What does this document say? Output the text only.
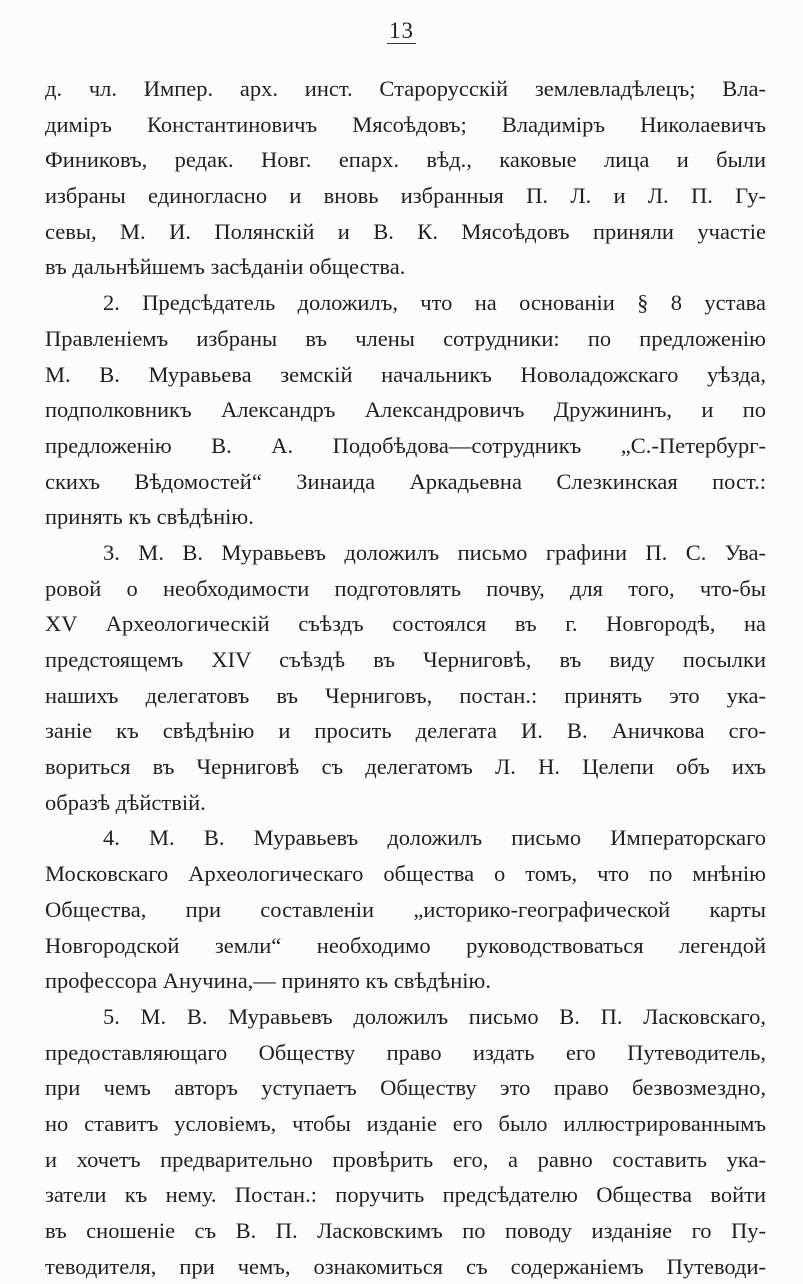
13
д. чл. Импер. арх. инст. Старорусскій землевладѣлецъ; Вла-
диміръ Константиновичъ Мясоѣдовъ; Владиміръ Николаевичъ
Финиковъ, редак. Новг. епарх. вѣд., каковые лица и были
избраны единогласно и вновь избранныя П. Л. и Л. П. Гу-
севы, М. И. Полянскій и В. К. Мясоѣдовъ приняли участіе
въ дальнѣйшемъ засѣданіи общества.
2. Предсѣдатель доложилъ, что на основаніи § 8 устава
Правленіемъ избраны въ члены сотрудники: по предложенію
М. В. Муравьева земскій начальникъ Новоладожскаго уѣзда,
подполковникъ Александръ Александровичъ Дружининъ, и по
предложенію В. А. Подобѣдова—сотрудникъ „С.-Петербург-
скихъ Вѣдомостей“ Зинаида Аркадьевна Слезкинская пост.:
принять къ свѣдѣнію.
3. М. В. Муравьевъ доложилъ письмо графини П. С. Ува-
ровой о необходимости подготовлять почву, для того, что-бы
XV Археологическій съѣздъ состоялся въ г. Новгородѣ, на
предстоящемъ XIV съѣздѣ въ Черниговѣ, въ виду посылки
нашихъ делегатовъ въ Черниговъ, постан.: принять это ука-
заніе къ свѣдѣнію и просить делегата И. В. Аничкова сго-
вориться въ Черниговѣ съ делегатомъ Л. Н. Целепи объ ихъ
образѣ дѣйствій.
4. М. В. Муравьевъ доложилъ письмо Императорскаго
Московскаго Археологическаго общества о томъ, что по мнѣнію
Общества, при составленіи „историко-географической карты
Новгородской земли“ необходимо руководствоваться легендой
профессора Анучина,— принято къ свѣдѣнію.
5. М. В. Муравьевъ доложилъ письмо В. П. Ласковскаго,
предоставляющаго Обществу право издать его Путеводитель,
при чемъ авторъ уступаетъ Обществу это право безвозмездно,
но ставитъ условіемъ, чтобы изданіе его было иллюстрированнымъ
и хочетъ предварительно провѣрить его, а равно составить ука-
затели къ нему. Постан.: поручить предсѣдателю Общества войти
въ сношеніе съ В. П. Ласковскимъ по поводу изданіяе го Пу-
теводителя, при чемъ, ознакомиться съ содержаніемъ Путеводи-
